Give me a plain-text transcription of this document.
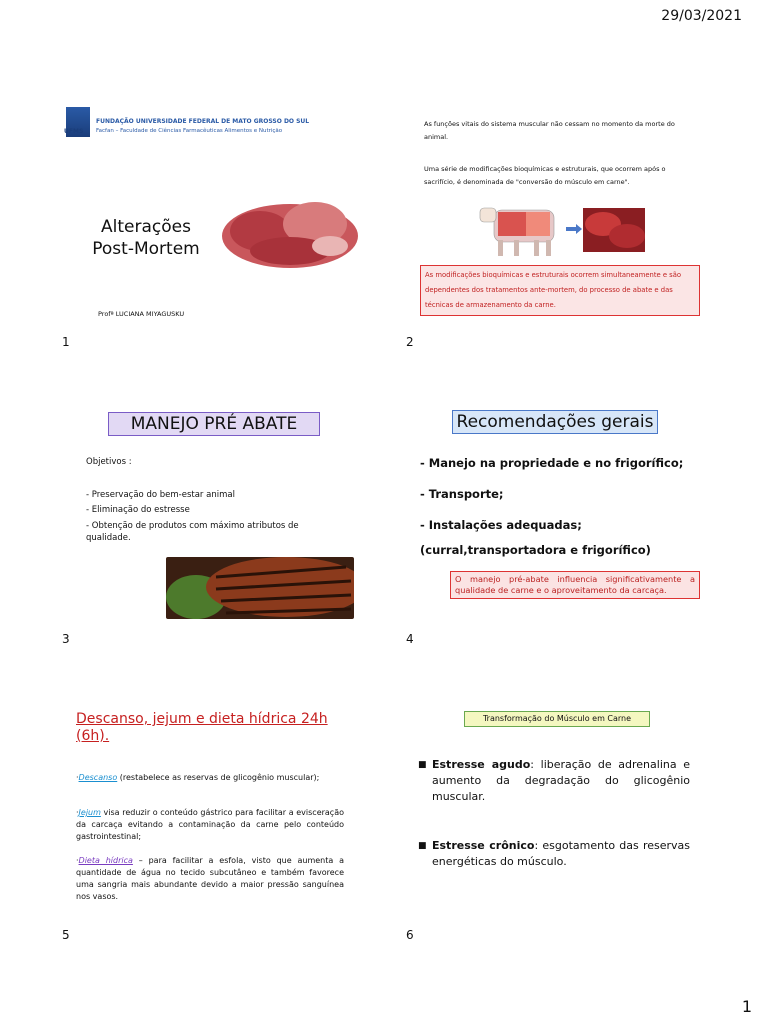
29/03/2021
UFMS
FUNDAÇÃO UNIVERSIDADE FEDERAL DE MATO GROSSO DO SUL
Facfan – Faculdade de Ciências Farmacêuticas Alimentos e Nutrição
Alterações
Post-Mortem
Profª LUCIANA MIYAGUSKU
1
As funções vitais do sistema muscular não cessam no momento da morte do animal.
Uma série de modificações bioquímicas e estruturais, que ocorrem após o sacrifício, é denominada de "conversão do músculo em carne".
As modificações bioquímicas e estruturais ocorrem simultaneamente e são dependentes dos tratamentos ante-mortem, do processo de abate e das técnicas de armazenamento da carne.
2
MANEJO PRÉ ABATE
Objetivos :
- Preservação do bem-estar animal
- Eliminação do estresse
- Obtenção de produtos com máximo atributos de qualidade.
3
Recomendações gerais
- Manejo na propriedade e no frigorífico;
- Transporte;
- Instalações adequadas;
(curral,transportadora e frigorífico)
O manejo pré-abate influencia significativamente a qualidade de carne e o aproveitamento da carcaça.
4
Descanso, jejum e dieta hídrica 24h (6h).
·Descanso (restabelece as reservas de glicogênio muscular);
·Jejum visa reduzir o conteúdo gástrico para facilitar a evisceração da carcaça evitando a contaminação da carne pelo conteúdo gastrointestinal;
·Dieta hídrica – para facilitar a esfola, visto que aumenta a quantidade de água no tecido subcutâneo e também favorece uma sangria mais abundante devido a maior pressão sanguínea nos vasos.
5
Transformação do Músculo em Carne
■ Estresse agudo: liberação de adrenalina e aumento da degradação do glicogênio muscular.
■ Estresse crônico: esgotamento das reservas energéticas do músculo.
6
1
